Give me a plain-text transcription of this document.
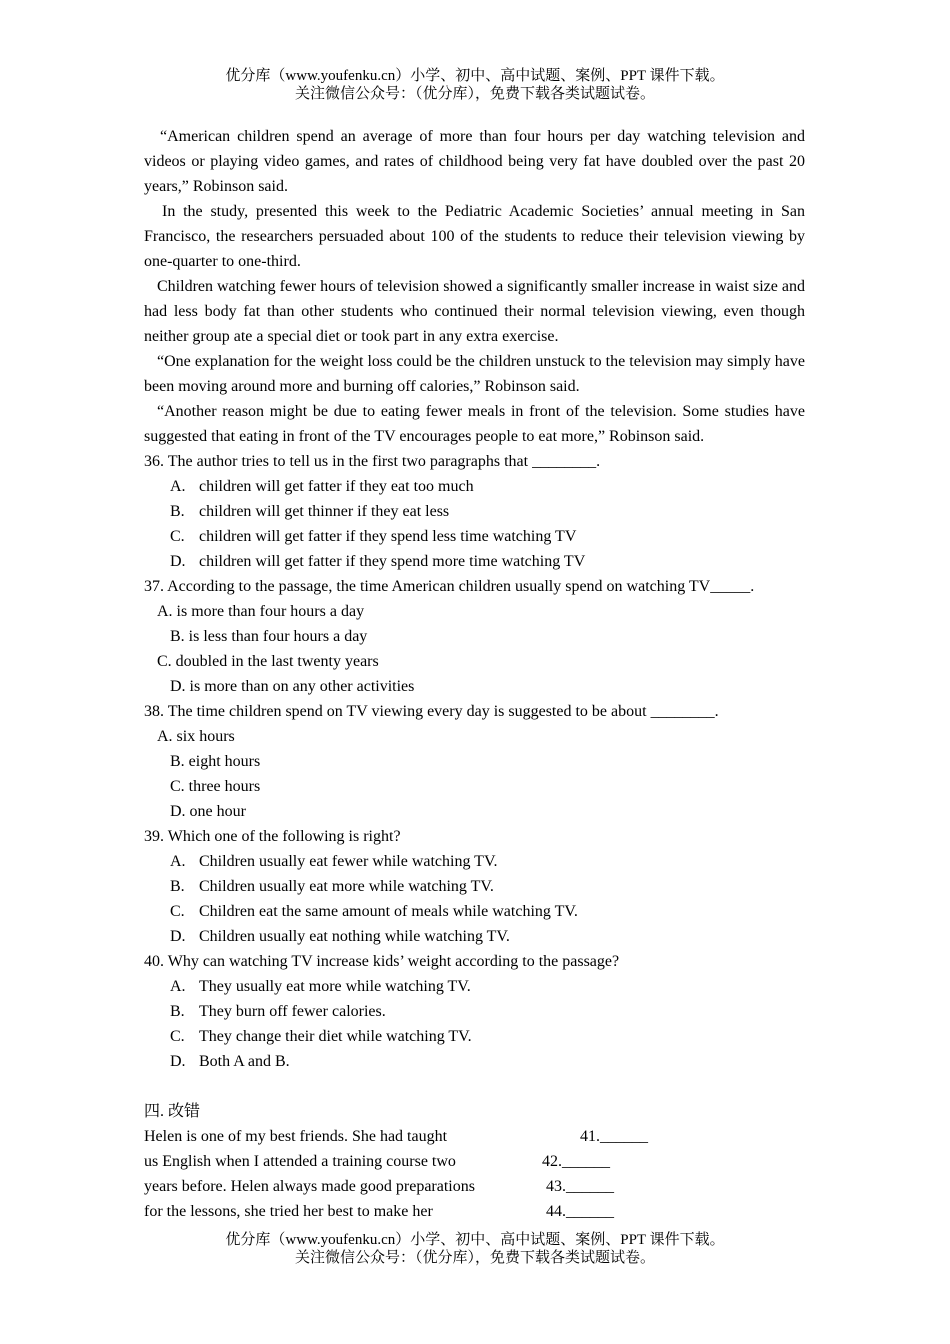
优分库（www.youfenku.cn）小学、初中、高中试题、案例、PPT 课件下载。
关注微信公众号：（优分库），免费下载各类试题试卷。

“American children spend an average of more than four hours per day watching television and videos or playing video games, and rates of childhood being very fat have doubled over the past 20 years,” Robinson said.

In the study, presented this week to the Pediatric Academic Societies’ annual meeting in San Francisco, the researchers persuaded about 100 of the students to reduce their television viewing by one-quarter to one-third.

Children watching fewer hours of television showed a significantly smaller increase in waist size and had less body fat than other students who continued their normal television viewing, even though neither group ate a special diet or took part in any extra exercise.

“One explanation for the weight loss could be the children unstuck to the television may simply have been moving around more and burning off calories,” Robinson said.

“Another reason might be due to eating fewer meals in front of the television. Some studies have suggested that eating in front of the TV encourages people to eat more,” Robinson said.

36. The author tries to tell us in the first two paragraphs that ________.
A. children will get fatter if they eat too much
B. children will get thinner if they eat less
C. children will get fatter if they spend less time watching TV
D. children will get fatter if they spend more time watching TV
37. According to the passage, the time American children usually spend on watching TV_____.
A. is more than four hours a day
B. is less than four hours a day
C. doubled in the last twenty years
D. is more than on any other activities
38. The time children spend on TV viewing every day is suggested to be about ________.
A. six hours
B. eight hours
C. three hours
D. one hour
39. Which one of the following is right?
A. Children usually eat fewer while watching TV.
B. Children usually eat more while watching TV.
C. Children eat the same amount of meals while watching TV.
D. Children usually eat nothing while watching TV.
40. Why can watching TV increase kids’ weight according to the passage?
A. They usually eat more while watching TV.
B. They burn off fewer calories.
C. They change their diet while watching TV.
D. Both A and B.
四. 改错
Helen is one of my best friends. She had taught	41.______
us English when I attended a training course two	42.______
years before. Helen always made good preparations	43.______
for the lessons, she tried her best to make her	44.______
优分库（www.youfenku.cn）小学、初中、高中试题、案例、PPT 课件下载。
关注微信公众号：（优分库），免费下载各类试题试卷。
